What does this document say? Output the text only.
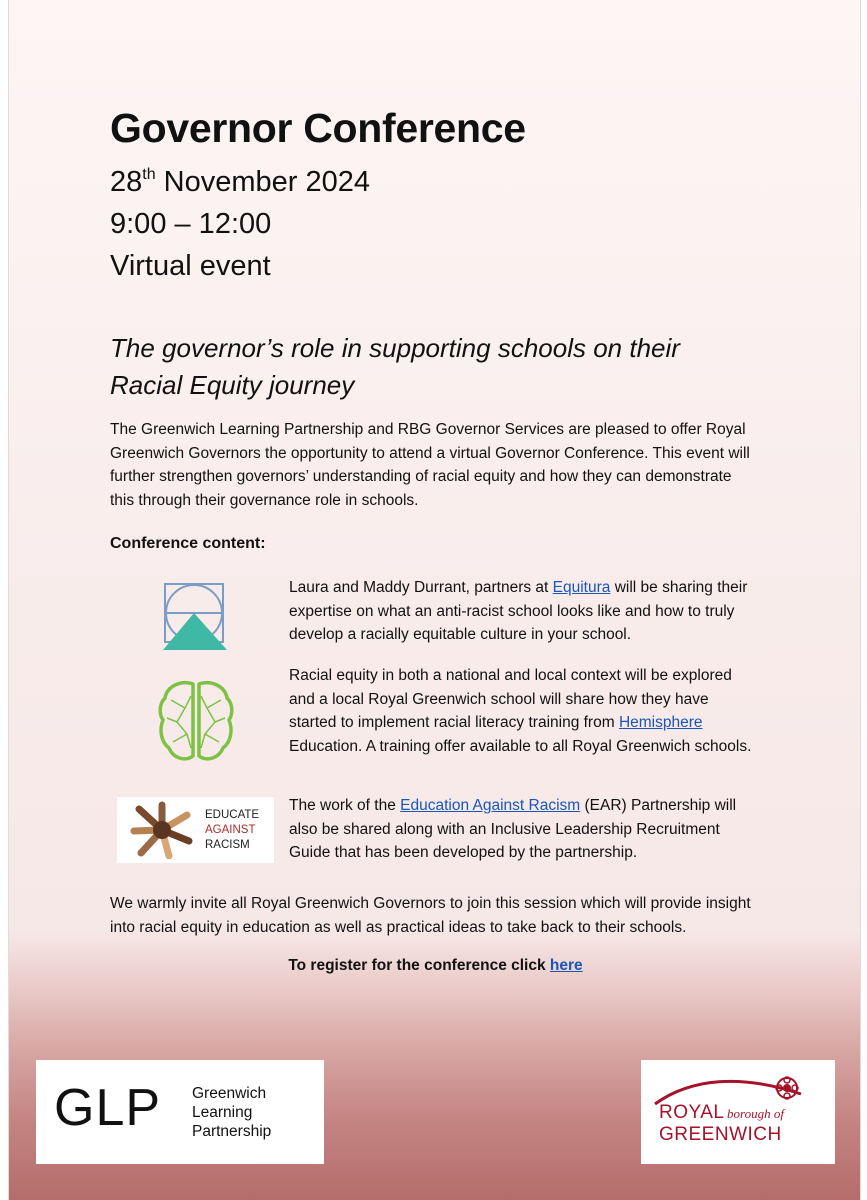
Governor Conference
28th November 2024
9:00 – 12:00
Virtual event
The governor’s role in supporting schools on their Racial Equity journey
The Greenwich Learning Partnership and RBG Governor Services are pleased to offer Royal Greenwich Governors the opportunity to attend a virtual Governor Conference. This event will further strengthen governors’ understanding of racial equity and how they can demonstrate this through their governance role in schools.
Conference content:
Laura and Maddy Durrant, partners at Equitura will be sharing their expertise on what an anti-racist school looks like and how to truly develop a racially equitable culture in your school.
Racial equity in both a national and local context will be explored and a local Royal Greenwich school will share how they have started to implement racial literacy training from Hemisphere Education. A training offer available to all Royal Greenwich schools.
EDUCATE
AGAINST
RACISM
The work of the Education Against Racism (EAR) Partnership will also be shared along with an Inclusive Leadership Recruitment Guide that has been developed by the partnership.
We warmly invite all Royal Greenwich Governors to join this session which will provide insight into racial equity in education as well as practical ideas to take back to their schools.
To register for the conference click here
GLP Greenwich
Learning
Partnership
ROYAL borough of
GREENWICH
